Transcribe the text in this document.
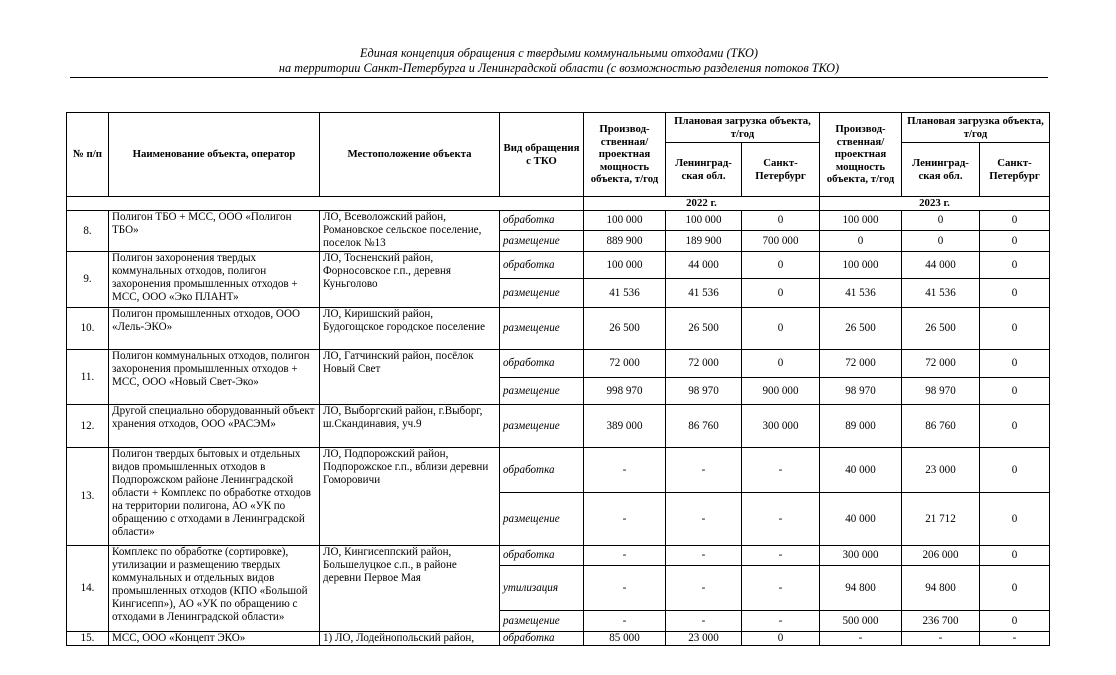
Единая концепция обращения с твердыми коммунальными отходами (ТКО)
на территории Санкт-Петербурга и Ленинградской области (с возможностью разделения потоков ТКО)
№ п/п	Наименование объекта, оператор	Местоположение объекта	Вид обращения с ТКО	Производ-ственная/ проектная мощность объекта, т/год	Плановая загрузка объекта, т/год		Производ-ственная/ проектная мощность объекта, т/год	Плановая загрузка объекта, т/год	
					Ленинград-ская обл.	Санкт-Петербург		Ленинград-ская обл.	Санкт-Петербург
				2022 г.			2023 г.		
8.	Полигон ТБО + МСС, ООО «Полигон ТБО»	ЛО, Всеволожский район, Романовское сельское поселение, поселок №13	обработка	100 000	100 000	0	100 000	0	0
			размещение	889 900	189 900	700 000	0	0	0
9.	Полигон захоронения твердых коммунальных отходов, полигон захоронения промышленных отходов + МСС, ООО «Эко ПЛАНТ»	ЛО, Тосненский район, Форносовское г.п., деревня Куньголово	обработка	100 000	44 000	0	100 000	44 000	0
			размещение	41 536	41 536	0	41 536	41 536	0
10.	Полигон промышленных отходов, ООО «Лель-ЭКО»	ЛО, Киришский район, Будогощское городское поселение	размещение	26 500	26 500	0	26 500	26 500	0
11.	Полигон коммунальных отходов, полигон захоронения промышленных отходов + МСС, ООО «Новый Свет-Эко»	ЛО, Гатчинский район, посёлок Новый Свет	обработка	72 000	72 000	0	72 000	72 000	0
			размещение	998 970	98 970	900 000	98 970	98 970	0
12.	Другой специально оборудованный объект хранения отходов, ООО «РАСЭМ»	ЛО, Выборгский район, г.Выборг, ш.Скандинавия, уч.9	размещение	389 000	86 760	300 000	89 000	86 760	0
13.	Полигон твердых бытовых и отдельных видов промышленных отходов в Подпорожском районе Ленинградской области + Комплекс по обработке отходов на территории полигона, АО «УК по обращению с отходами в Ленинградской области»	ЛО, Подпорожский район, Подпорожское г.п., вблизи деревни Гоморовичи	обработка	-	-	-	40 000	23 000	0
			размещение	-	-	-	40 000	21 712	0
14.	Комплекс по обработке (сортировке), утилизации и размещению твердых коммунальных и отдельных видов промышленных отходов (КПО «Большой Кингисепп»), АО «УК по обращению с отходами в Ленинградской области»	ЛО, Кингисеппский район, Большелуцкое с.п., в районе деревни Первое Мая	обработка	-	-	-	300 000	206 000	0
			утилизация	-	-	-	94 800	94 800	0
			размещение	-	-	-	500 000	236 700	0
15.	МСС, ООО «Концепт ЭКО»	1) ЛО, Лодейнопольский район,	обработка	85 000	23 000	0	-	-	-
